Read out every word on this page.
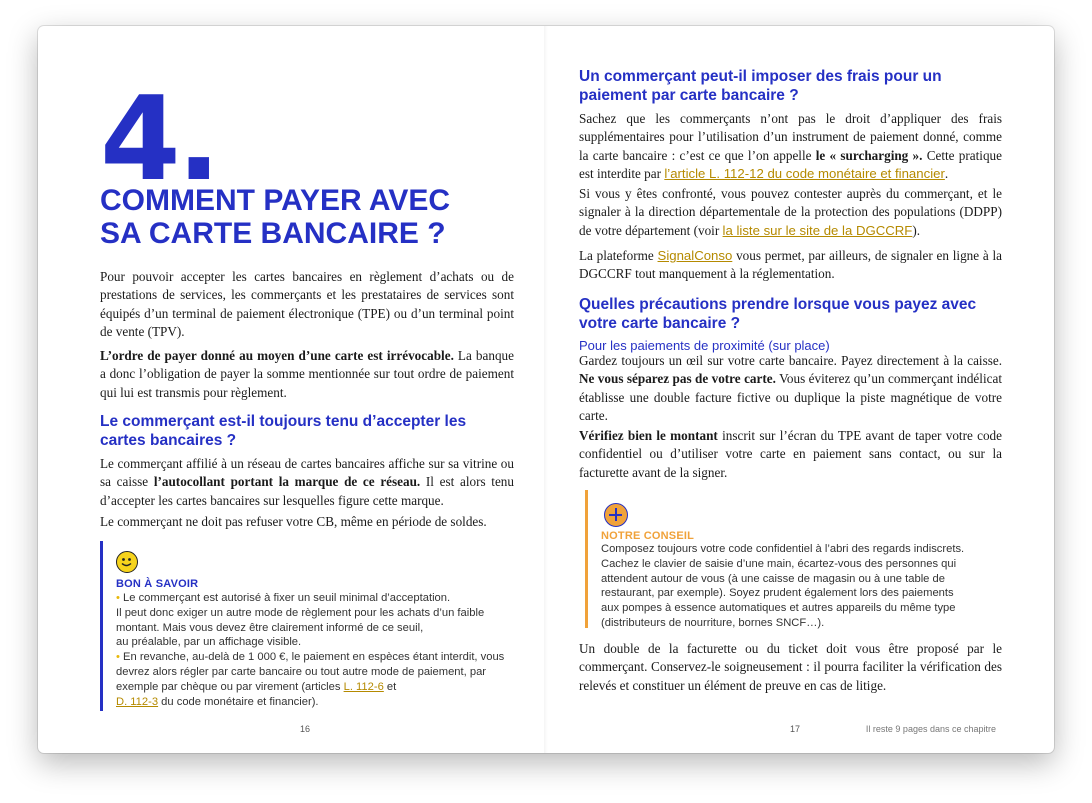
4.
COMMENT PAYER AVEC SA CARTE BANCAIRE ?

Pour pouvoir accepter les cartes bancaires en règlement d’achats ou de prestations de services, les commerçants et les prestataires de services sont équipés d’un terminal de paiement électronique (TPE) ou d’un terminal point de vente (TPV).

L’ordre de payer donné au moyen d’une carte est irrévocable. La banque a donc l’obligation de payer la somme mentionnée sur tout ordre de paiement qui lui est transmis pour règlement.

Le commerçant est-il toujours tenu d’accepter les cartes bancaires ?

Le commerçant affilié à un réseau de cartes bancaires affiche sur sa vitrine ou sa caisse l’autocollant portant la marque de ce réseau. Il est alors tenu d’accepter les cartes bancaires sur lesquelles figure cette marque.

Le commerçant ne doit pas refuser votre CB, même en période de soldes.

BON À SAVOIR
• Le commerçant est autorisé à fixer un seuil minimal d’acceptation.
Il peut donc exiger un autre mode de règlement pour les achats d’un faible montant. Mais vous devez être clairement informé de ce seuil,
au préalable, par un affichage visible.
• En revanche, au-delà de 1 000 €, le paiement en espèces étant interdit, vous devrez alors régler par carte bancaire ou tout autre mode de paiement, par exemple par chèque ou par virement (articles L. 112-6 et
D. 112-3 du code monétaire et financier).
16
Un commerçant peut-il imposer des frais pour un paiement par carte bancaire ?

Sachez que les commerçants n’ont pas le droit d’appliquer des frais supplémentaires pour l’utilisation d’un instrument de paiement donné, comme la carte bancaire : c’est ce que l’on appelle le « surcharging ». Cette pratique est interdite par l’article L. 112-12 du code monétaire et financier.

Si vous y êtes confronté, vous pouvez contester auprès du commerçant, et le signaler à la direction départementale de la protection des populations (DDPP) de votre département (voir la liste sur le site de la DGCCRF).

La plateforme SignalConso vous permet, par ailleurs, de signaler en ligne à la DGCCRF tout manquement à la réglementation.

Quelles précautions prendre lorsque vous payez avec votre carte bancaire ?
Pour les paiements de proximité (sur place)

Gardez toujours un œil sur votre carte bancaire. Payez directement à la caisse. Ne vous séparez pas de votre carte. Vous éviterez qu’un commerçant indélicat établisse une double facture fictive ou duplique la piste magnétique de votre carte.

Vérifiez bien le montant inscrit sur l’écran du TPE avant de taper votre code confidentiel ou d’utiliser votre carte en paiement sans contact, ou sur la facturette avant de la signer.

NOTRE CONSEIL
Composez toujours votre code confidentiel à l’abri des regards indiscrets. Cachez le clavier de saisie d’une main, écartez-vous des personnes qui attendent autour de vous (à une caisse de magasin ou à une table de restaurant, par exemple). Soyez prudent également lors des paiements aux pompes à essence automatiques et autres appareils du même type (distributeurs de nourriture, bornes SNCF…).

Un double de la facturette ou du ticket doit vous être proposé par le commerçant. Conservez-le soigneusement : il pourra faciliter la vérification des relevés et constituer un élément de preuve en cas de litige.

17	Il reste 9 pages dans ce chapitre
